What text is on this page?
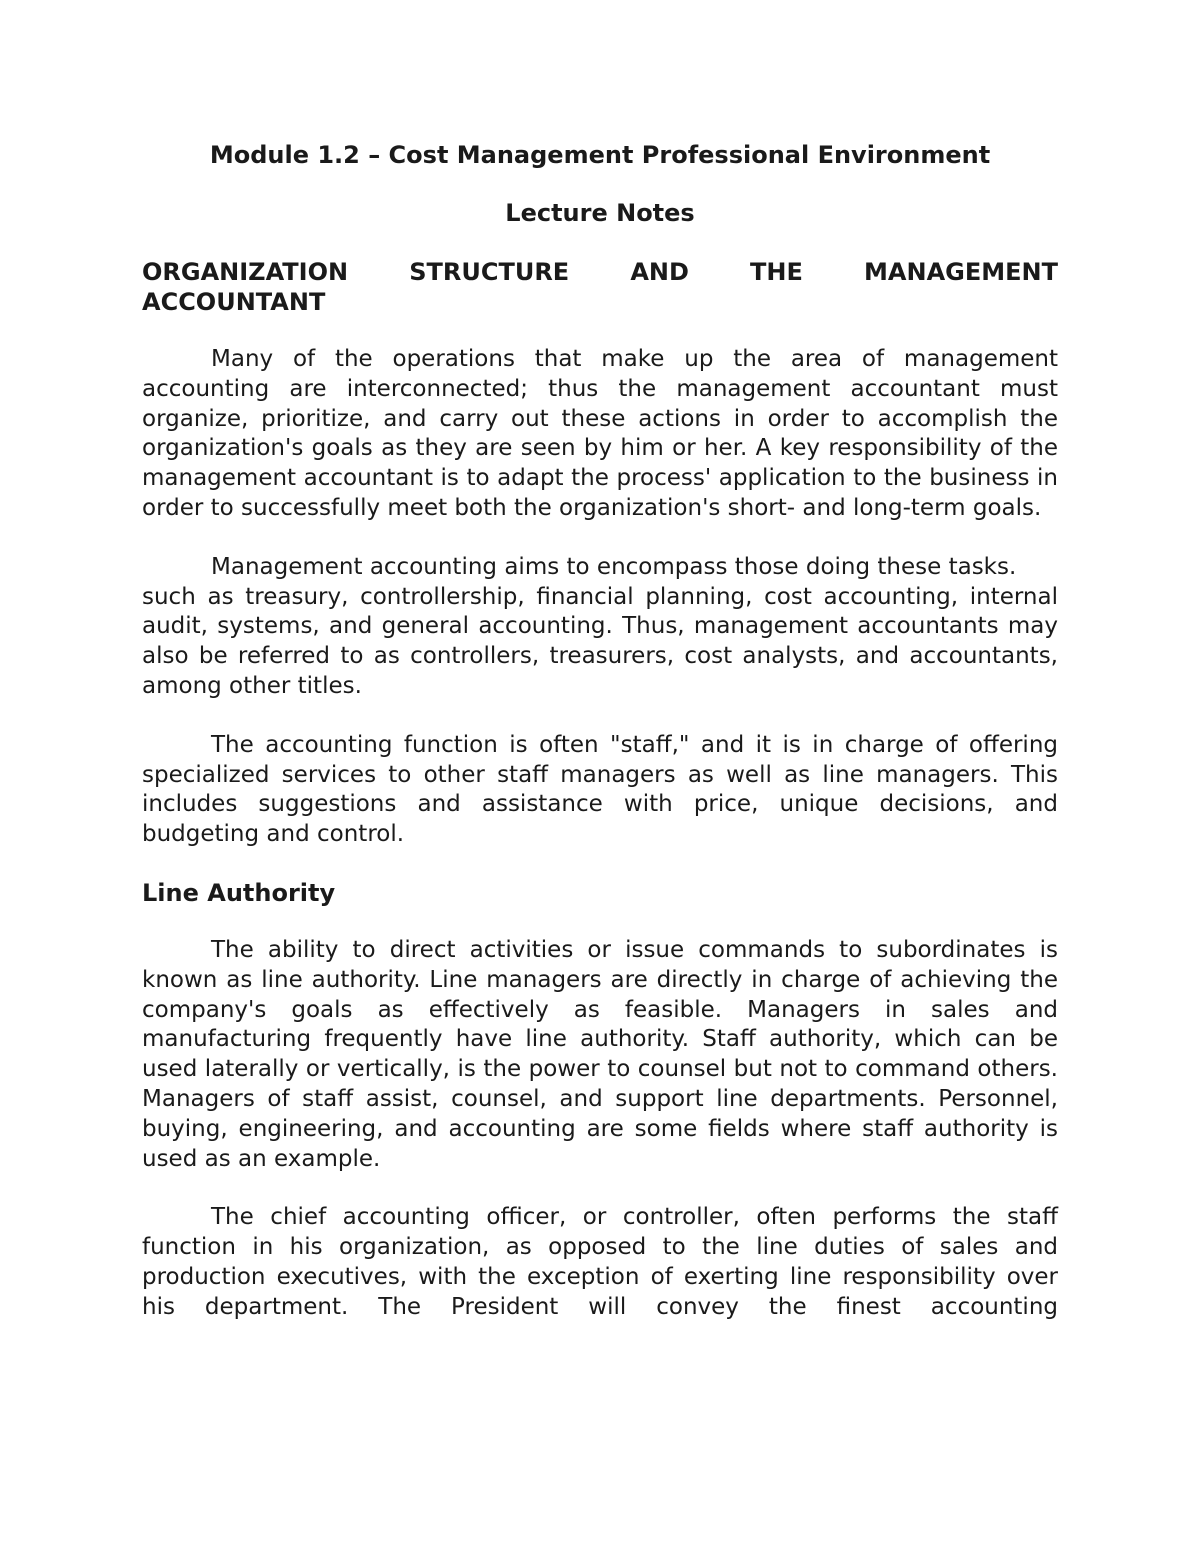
Module 1.2 – Cost Management Professional Environment
Lecture Notes
ORGANIZATION STRUCTURE AND THE MANAGEMENT
ACCOUNTANT

Many of the operations that make up the area of management accounting are interconnected; thus the management accountant must organize, prioritize, and carry out these actions in order to accomplish the organization's goals as they are seen by him or her. A key responsibility of the management accountant is to adapt the process' application to the business in order to successfully meet both the organization's short- and long-term goals.

Management accounting aims to encompass those doing these tasks.

such as treasury, controllership, financial planning, cost accounting, internal audit, systems, and general accounting. Thus, management accountants may also be referred to as controllers, treasurers, cost analysts, and accountants, among other titles.

The accounting function is often "staff," and it is in charge of offering specialized services to other staff managers as well as line managers. This includes suggestions and assistance with price, unique decisions, and budgeting and control.

Line Authority

The ability to direct activities or issue commands to subordinates is known as line authority. Line managers are directly in charge of achieving the company's goals as effectively as feasible. Managers in sales and manufacturing frequently have line authority. Staff authority, which can be used laterally or vertically, is the power to counsel but not to command others. Managers of staff assist, counsel, and support line departments. Personnel, buying, engineering, and accounting are some fields where staff authority is used as an example.

The chief accounting officer, or controller, often performs the staff function in his organization, as opposed to the line duties of sales and production executives, with the exception of exerting line responsibility over his department. The President will convey the finest accounting
